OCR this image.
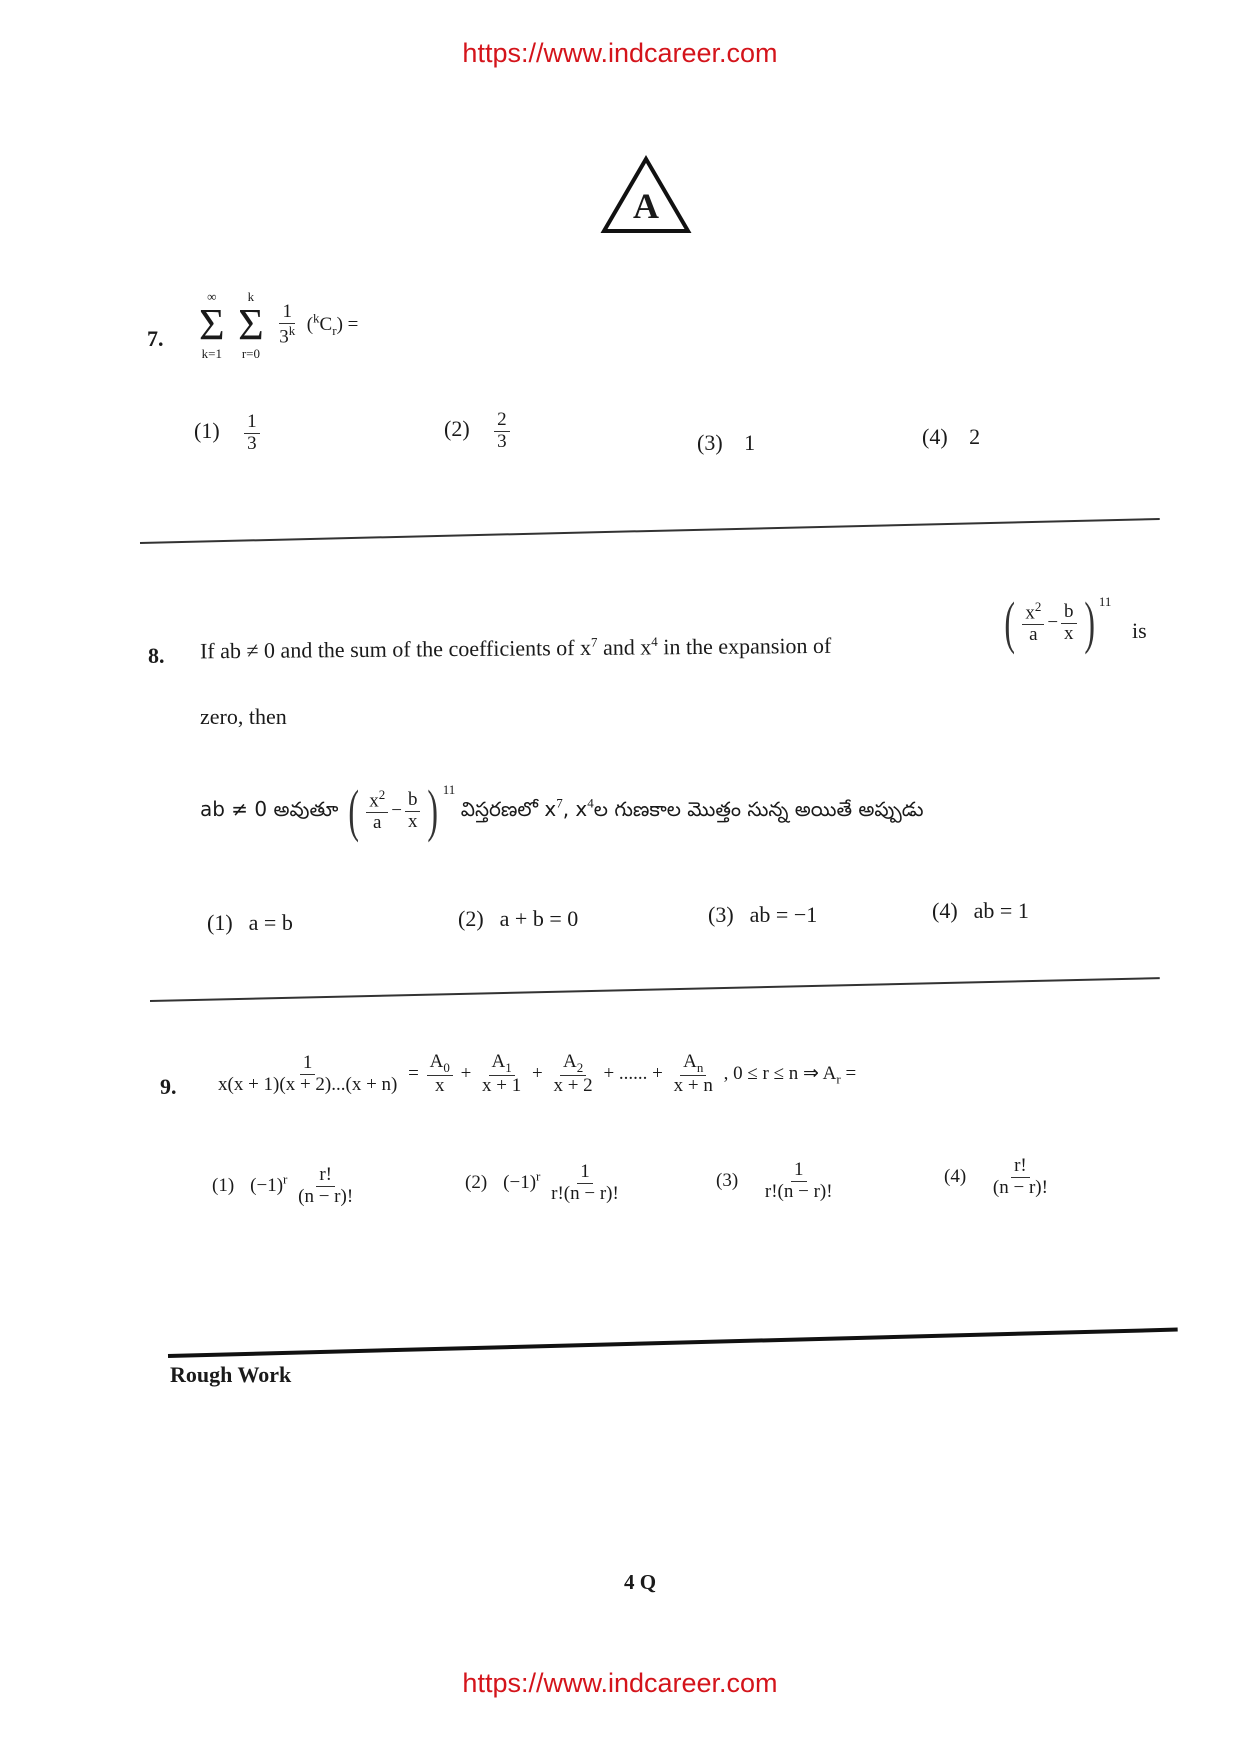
https://www.indcareer.com
A
7.
∞
Σ
k=1

k
Σ
r=0

$\frac{1}{3^k} (^kC_r)$ =
$(1) \frac{1}{3}$	$(2) \frac{2}{3}$	(3) 1	(4) 2
8. If ab ≠ 0 and the sum of the coefficients of $x^7$ and $x^4$ in the expansion of	( $\frac{x^2}{a} - \frac{b}{x}$ ) $^{11}$
is
zero, then
ab ≠ 0 అవుతూ ( $\frac{x^2}{a} - \frac{b}{x}$ ) $^{11}$
విస్తరణలో $x^7$, $x^4ల$ గుణకాల మొత్తం సున్న అయితే అప్పుడు
(1) a = b	(2) a + b = 0	(3) ab = −1	(4) ab = 1
9. $\frac{1}{x(x + 1)(x + 2)...(x + n)} = \frac{A_0}{x} + \frac{A_1}{x + 1} + \frac{A_2}{x + 2}$ + ...... + $\frac{A_n}{x + n}$ , 0 ≤ r ≤ n ⇒ $A_r$ =
(1) $(-1)^r \frac{r!}{(n - r)!}$	(2) $(-1)^r \frac{1}{r!(n - r)!}$	$(3) \frac{1}{r!(n - r)!}$	$(4) \frac{r!}{(n - r)!}$
Rough Work
4 Q
https://www.indcareer.com
